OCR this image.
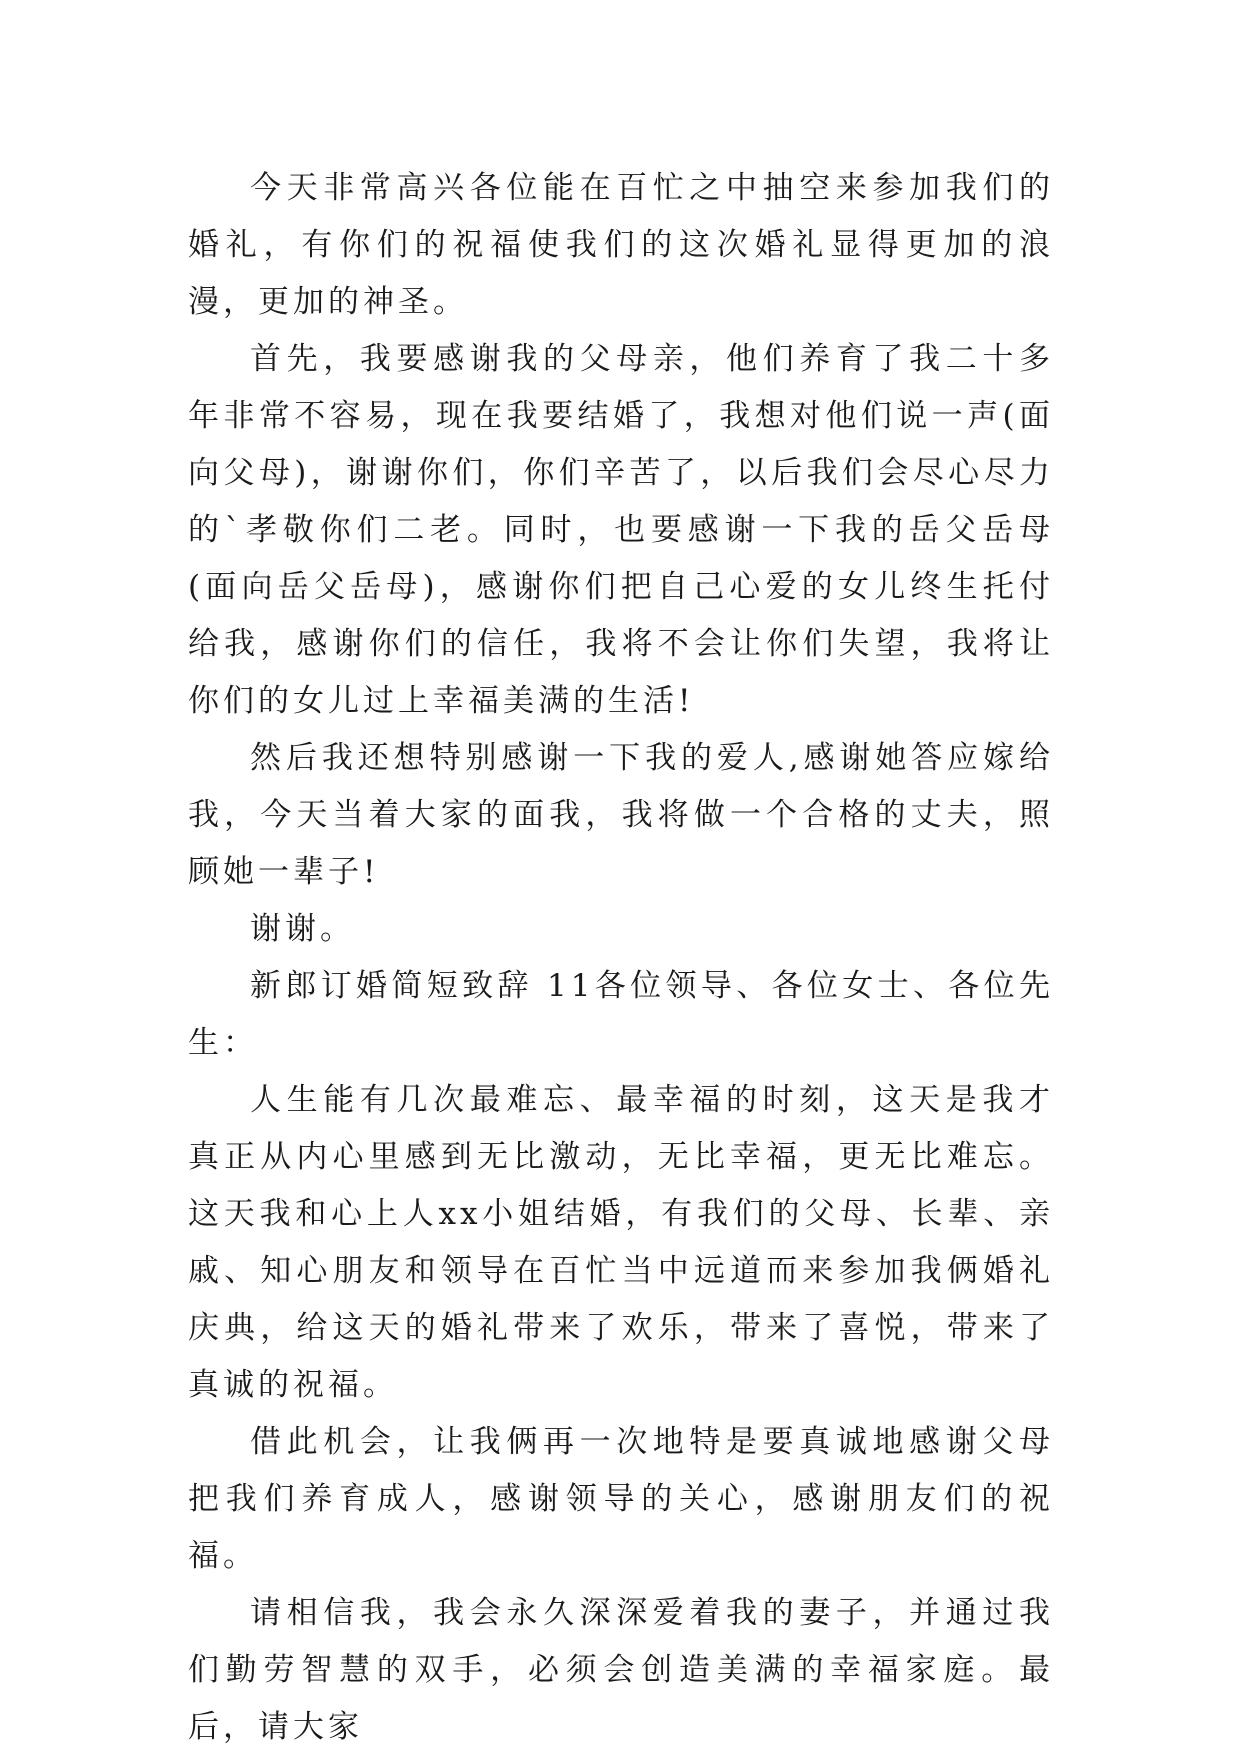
今天非常高兴各位能在百忙之中抽空来参加我们的婚礼，有你们的祝福使我们的这次婚礼显得更加的浪漫，更加的神圣。

首先，我要感谢我的父母亲，他们养育了我二十多年非常不容易，现在我要结婚了，我想对他们说一声(面向父母)，谢谢你们，你们辛苦了，以后我们会尽心尽力的`孝敬你们二老。同时，也要感谢一下我的岳父岳母(面向岳父岳母)，感谢你们把自己心爱的女儿终生托付给我，感谢你们的信任，我将不会让你们失望，我将让你们的女儿过上幸福美满的生活!

然后我还想特别感谢一下我的爱人,感谢她答应嫁给我，今天当着大家的面我，我将做一个合格的丈夫，照顾她一辈子!

谢谢。

新郎订婚简短致辞 11各位领导、各位女士、各位先生：

人生能有几次最难忘、最幸福的时刻，这天是我才真正从内心里感到无比激动，无比幸福，更无比难忘。这天我和心上人xx小姐结婚，有我们的父母、长辈、亲戚、知心朋友和领导在百忙当中远道而来参加我俩婚礼庆典，给这天的婚礼带来了欢乐，带来了喜悦，带来了真诚的祝福。

借此机会，让我俩再一次地特是要真诚地感谢父母把我们养育成人，感谢领导的关心，感谢朋友们的祝福。

请相信我，我会永久深深爱着我的妻子，并通过我们勤劳智慧的双手，必须会创造美满的幸福家庭。最后，请大家
